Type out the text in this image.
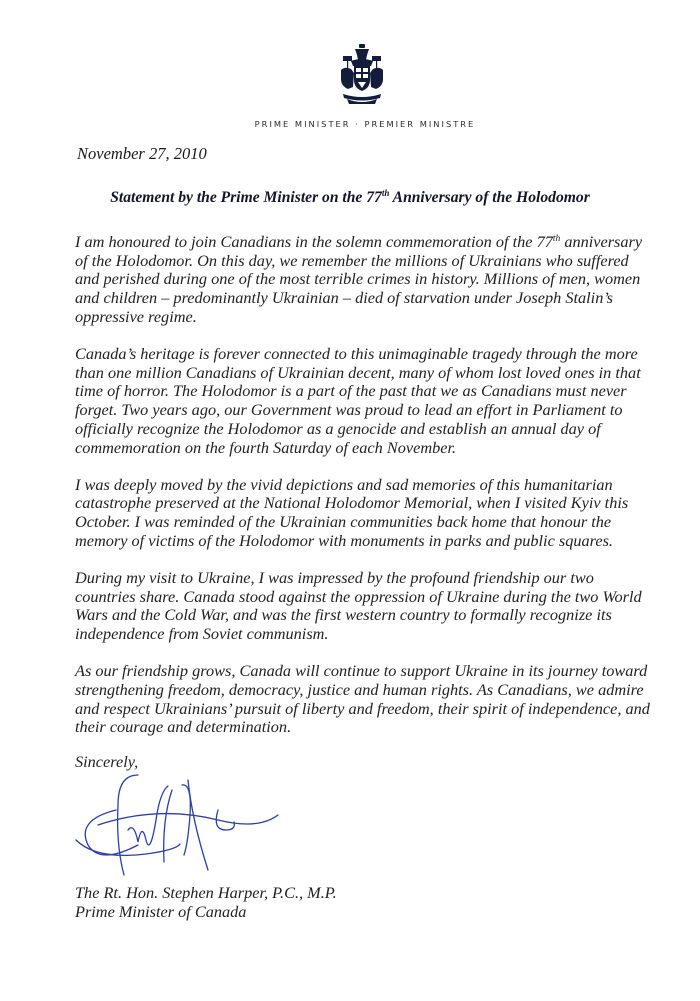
PRIME MINISTER · PREMIER MINISTRE
November 27, 2010
Statement by the Prime Minister on the 77th Anniversary of the Holodomor

I am honoured to join Canadians in the solemn commemoration of the 77th anniversary of the Holodomor. On this day, we remember the millions of Ukrainians who suffered and perished during one of the most terrible crimes in history. Millions of men, women and children – predominantly Ukrainian – died of starvation under Joseph Stalin’s oppressive regime.

Canada’s heritage is forever connected to this unimaginable tragedy through the more than one million Canadians of Ukrainian decent, many of whom lost loved ones in that time of horror. The Holodomor is a part of the past that we as Canadians must never forget. Two years ago, our Government was proud to lead an effort in Parliament to officially recognize the Holodomor as a genocide and establish an annual day of commemoration on the fourth Saturday of each November.

I was deeply moved by the vivid depictions and sad memories of this humanitarian catastrophe preserved at the National Holodomor Memorial, when I visited Kyiv this October. I was reminded of the Ukrainian communities back home that honour the memory of victims of the Holodomor with monuments in parks and public squares.

During my visit to Ukraine, I was impressed by the profound friendship our two countries share. Canada stood against the oppression of Ukraine during the two World Wars and the Cold War, and was the first western country to formally recognize its independence from Soviet communism.

As our friendship grows, Canada will continue to support Ukraine in its journey toward strengthening freedom, democracy, justice and human rights. As Canadians, we admire and respect Ukrainians’ pursuit of liberty and freedom, their spirit of independence, and their courage and determination.

Sincerely,
The Rt. Hon. Stephen Harper, P.C., M.P.
Prime Minister of Canada
